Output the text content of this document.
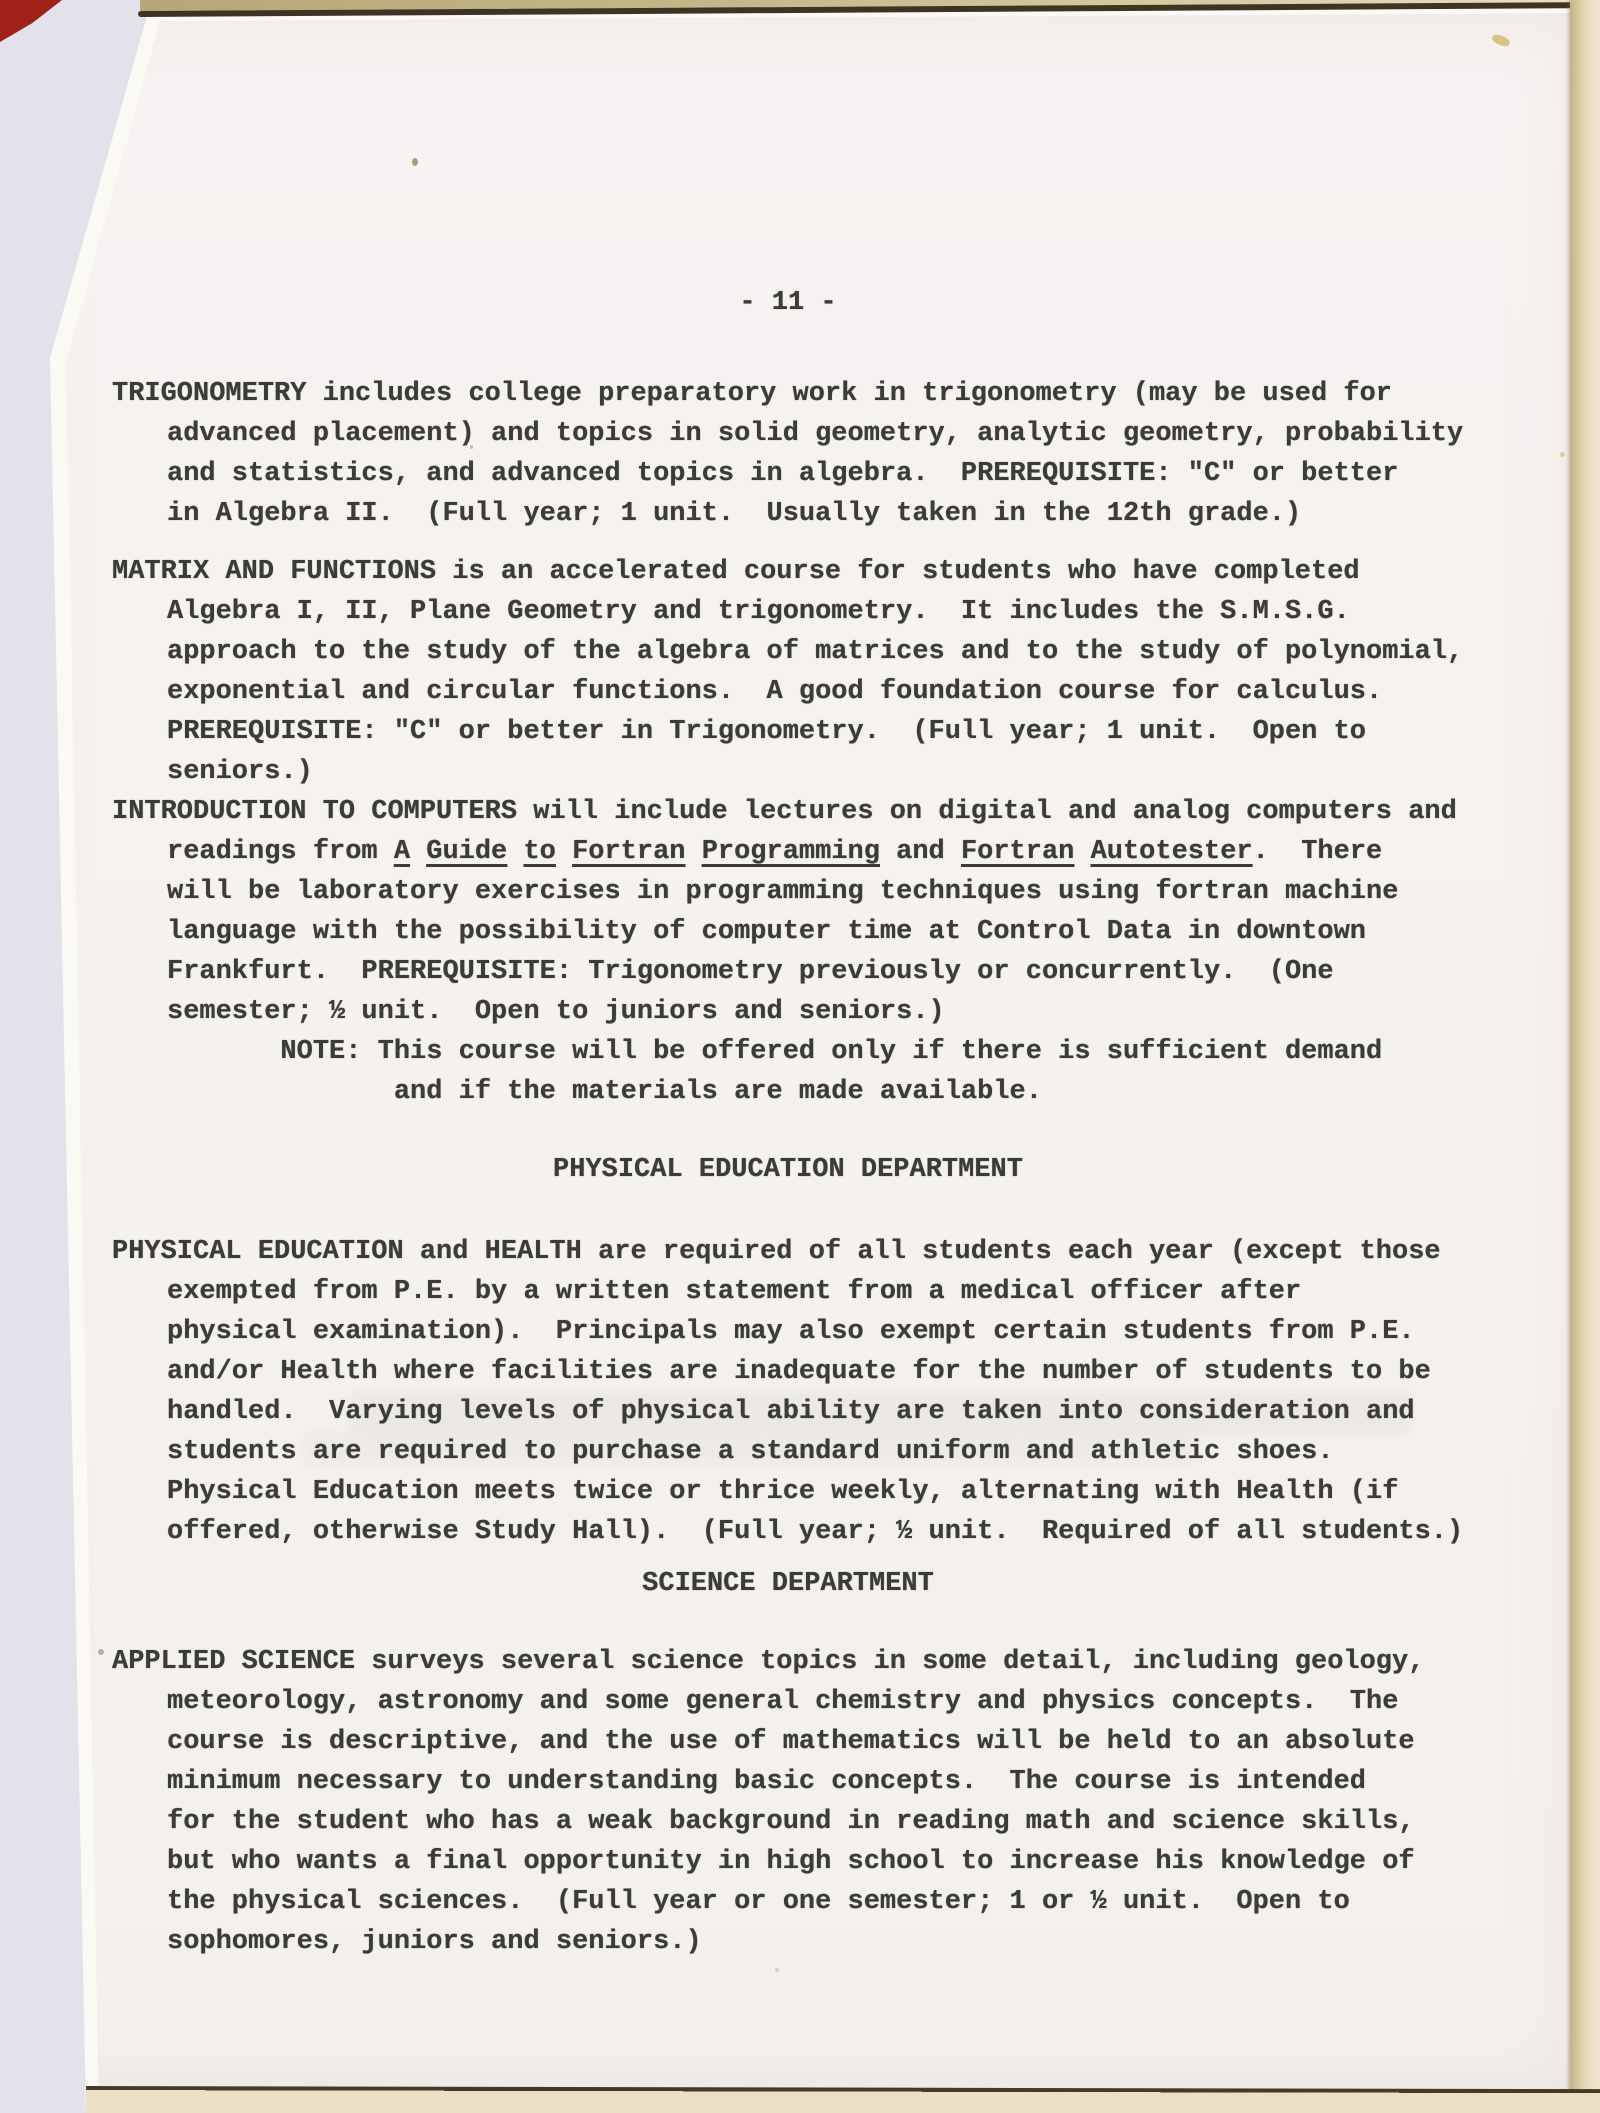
- 11 -
TRIGONOMETRY includes college preparatory work in trigonometry (may be used for
advanced placement) and topics in solid geometry, analytic geometry, probability
and statistics, and advanced topics in algebra.  PREREQUISITE: "C" or better
in Algebra II.  (Full year; 1 unit.  Usually taken in the 12th grade.)
MATRIX AND FUNCTIONS is an accelerated course for students who have completed
Algebra I, II, Plane Geometry and trigonometry.  It includes the S.M.S.G.
approach to the study of the algebra of matrices and to the study of polynomial,
exponential and circular functions.  A good foundation course for calculus.
PREREQUISITE: "C" or better in Trigonometry.  (Full year; 1 unit.  Open to
seniors.)
INTRODUCTION TO COMPUTERS will include lectures on digital and analog computers and
readings from A Guide to Fortran Programming and Fortran Autotester.  There
will be laboratory exercises in programming techniques using fortran machine
language with the possibility of computer time at Control Data in downtown
Frankfurt.  PREREQUISITE: Trigonometry previously or concurrently.  (One
semester; ½ unit.  Open to juniors and seniors.)
NOTE: This course will be offered only if there is sufficient demand
and if the materials are made available.
PHYSICAL EDUCATION DEPARTMENT
PHYSICAL EDUCATION and HEALTH are required of all students each year (except those
exempted from P.E. by a written statement from a medical officer after
physical examination).  Principals may also exempt certain students from P.E.
and/or Health where facilities are inadequate for the number of students to be
handled.  Varying levels of physical ability are taken into consideration and
students are required to purchase a standard uniform and athletic shoes.
Physical Education meets twice or thrice weekly, alternating with Health (if
offered, otherwise Study Hall).  (Full year; ½ unit.  Required of all students.)
SCIENCE DEPARTMENT
APPLIED SCIENCE surveys several science topics in some detail, including geology,
meteorology, astronomy and some general chemistry and physics concepts.  The
course is descriptive, and the use of mathematics will be held to an absolute
minimum necessary to understanding basic concepts.  The course is intended
for the student who has a weak background in reading math and science skills,
but who wants a final opportunity in high school to increase his knowledge of
the physical sciences.  (Full year or one semester; 1 or ½ unit.  Open to
sophomores, juniors and seniors.)
